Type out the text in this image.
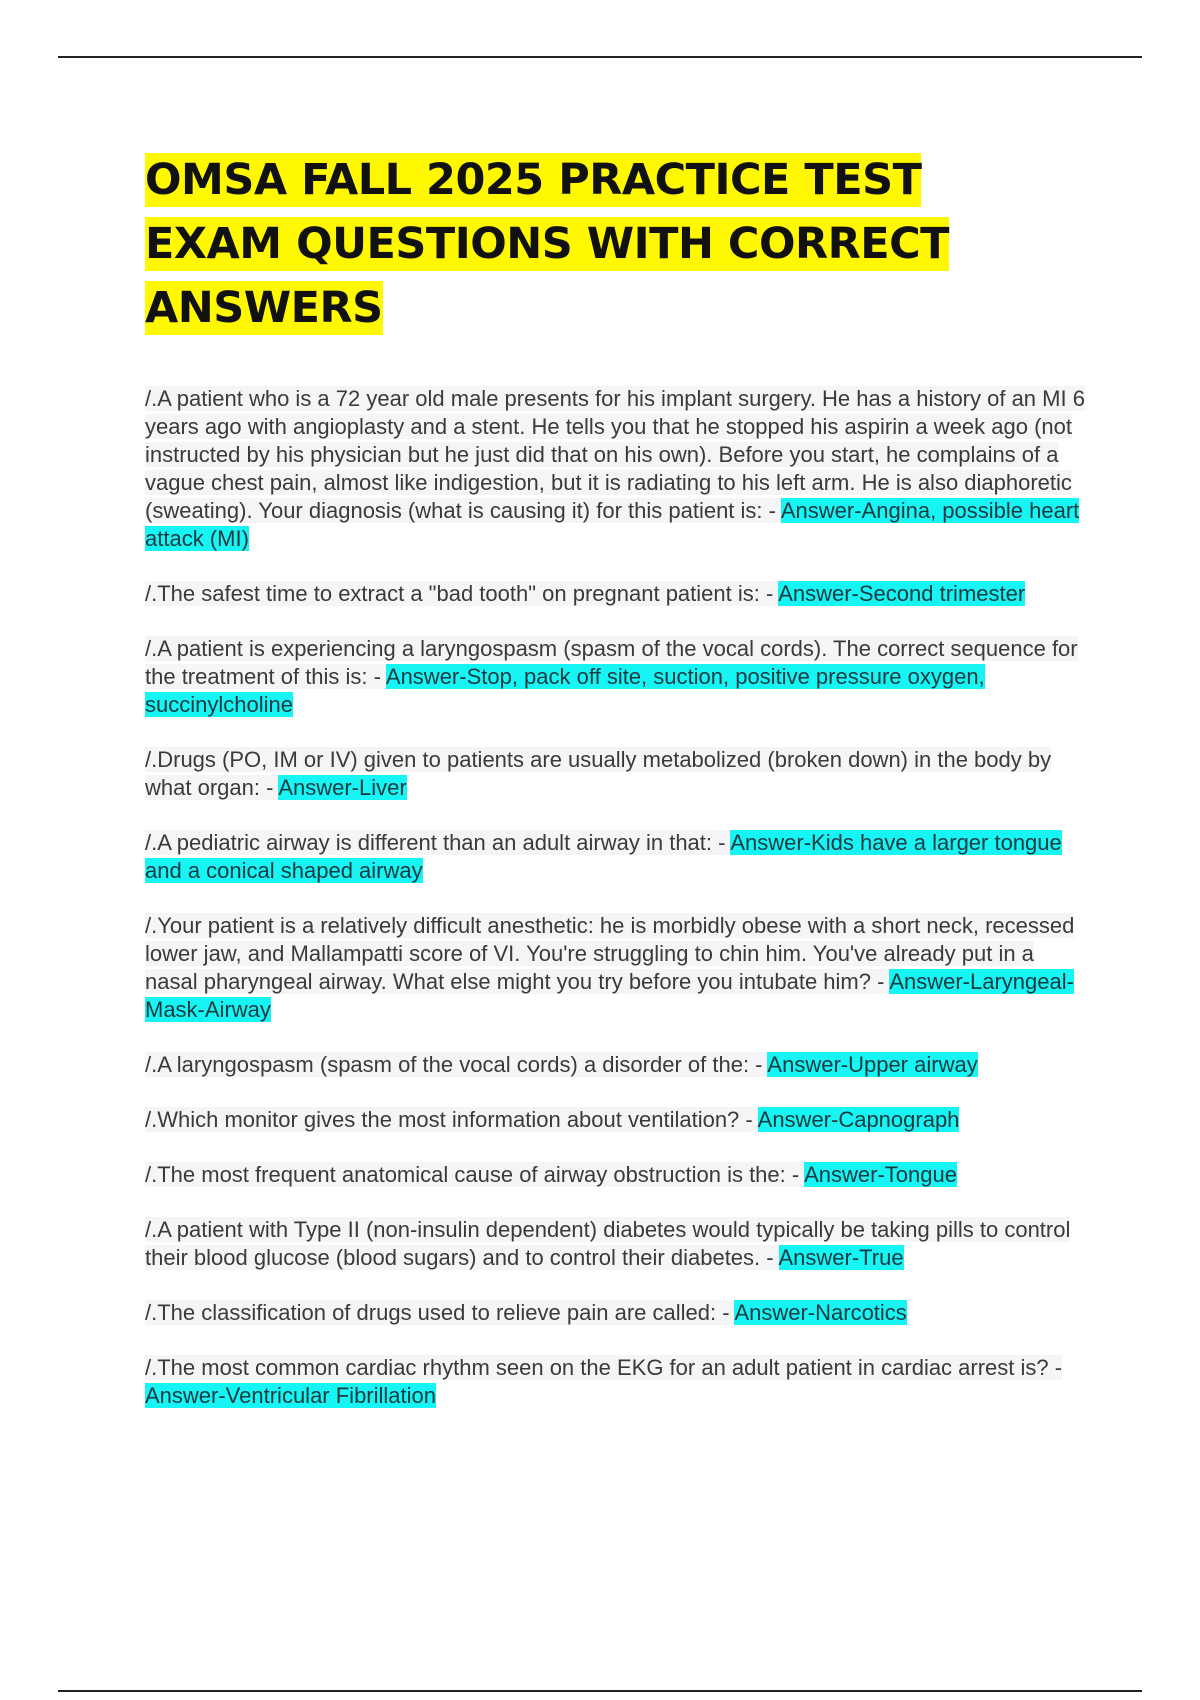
OMSA FALL 2025 PRACTICE TEST EXAM QUESTIONS WITH CORRECT ANSWERS
/.A patient who is a 72 year old male presents for his implant surgery. He has a history of an MI 6 years ago with angioplasty and a stent. He tells you that he stopped his aspirin a week ago (not instructed by his physician but he just did that on his own). Before you start, he complains of a vague chest pain, almost like indigestion, but it is radiating to his left arm. He is also diaphoretic (sweating). Your diagnosis (what is causing it) for this patient is: - Answer-Angina, possible heart attack (MI)
/.The safest time to extract a "bad tooth" on pregnant patient is: - Answer-Second trimester
/.A patient is experiencing a laryngospasm (spasm of the vocal cords). The correct sequence for the treatment of this is: - Answer-Stop, pack off site, suction, positive pressure oxygen, succinylcholine
/.Drugs (PO, IM or IV) given to patients are usually metabolized (broken down) in the body by what organ: - Answer-Liver
/.A pediatric airway is different than an adult airway in that: - Answer-Kids have a larger tongue and a conical shaped airway
/.Your patient is a relatively difficult anesthetic: he is morbidly obese with a short neck, recessed lower jaw, and Mallampatti score of VI. You're struggling to chin him. You've already put in a nasal pharyngeal airway. What else might you try before you intubate him? - Answer-Laryngeal-Mask-Airway
/.A laryngospasm (spasm of the vocal cords) a disorder of the: - Answer-Upper airway
/.Which monitor gives the most information about ventilation? - Answer-Capnograph
/.The most frequent anatomical cause of airway obstruction is the: - Answer-Tongue
/.A patient with Type II (non-insulin dependent) diabetes would typically be taking pills to control their blood glucose (blood sugars) and to control their diabetes. - Answer-True
/.The classification of drugs used to relieve pain are called: - Answer-Narcotics
/.The most common cardiac rhythm seen on the EKG for an adult patient in cardiac arrest is? - Answer-Ventricular Fibrillation
